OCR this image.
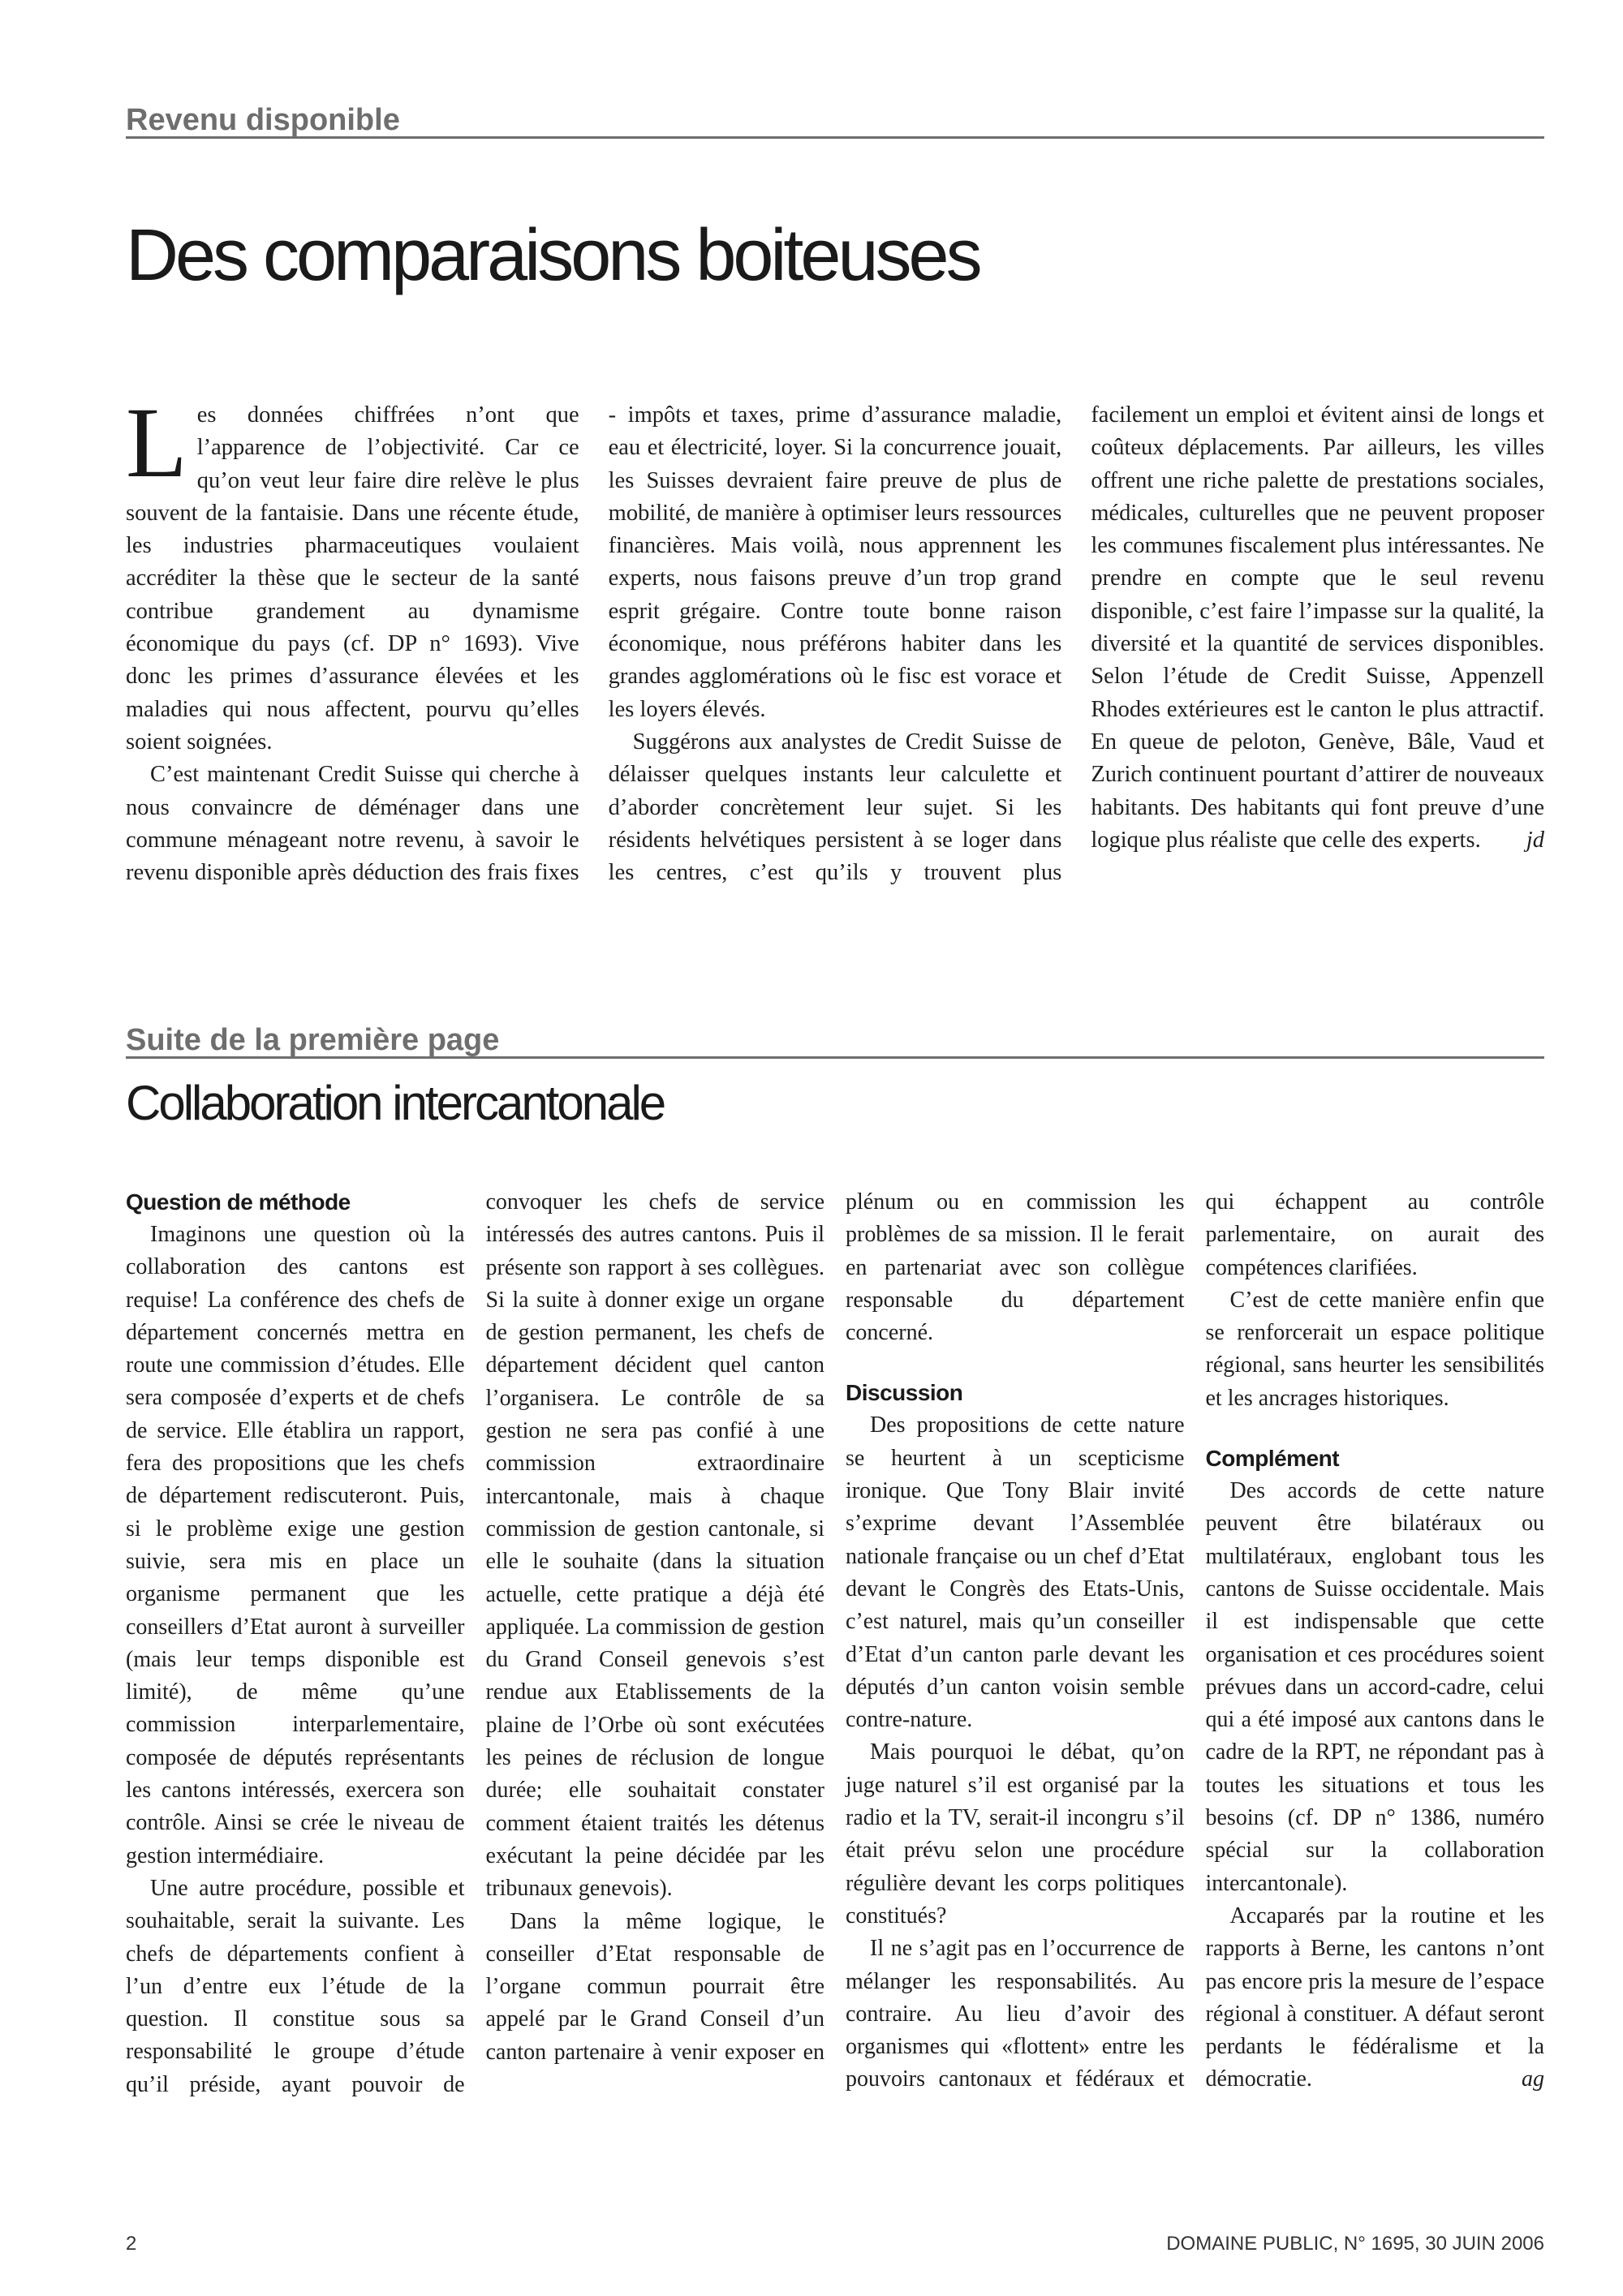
Revenu disponible
Des comparaisons boiteuses

Les données chiffrées n’ont que l’apparence de l’objectivité. Car ce qu’on veut leur faire dire relève le plus souvent de la fantaisie. Dans une récente étude, les industries pharmaceutiques voulaient accréditer la thèse que le secteur de la santé contribue grandement au dynamisme économique du pays (cf. DP n° 1693). Vive donc les primes d’assurance élevées et les maladies qui nous affectent, pourvu qu’elles soient soignées.

C’est maintenant Credit Suisse qui cherche à nous convaincre de déménager dans une commune ménageant notre revenu, à savoir le revenu disponible après déduction des frais fixes - impôts et taxes, prime d’assurance maladie, eau et électricité, loyer. Si la concurrence jouait, les Suisses devraient faire preuve de plus de mobilité, de manière à optimiser leurs ressources financières. Mais voilà, nous apprennent les experts, nous faisons preuve d’un trop grand esprit grégaire. Contre toute bonne raison économique, nous préférons habiter dans les grandes agglomérations où le fisc est vorace et les loyers élevés.

Suggérons aux analystes de Credit Suisse de délaisser quelques instants leur calculette et d’aborder concrètement leur sujet. Si les résidents helvétiques persistent à se loger dans les centres, c’est qu’ils y trouvent plus facilement un emploi et évitent ainsi de longs et coûteux déplacements. Par ailleurs, les villes offrent une riche palette de prestations sociales, médicales, culturelles que ne peuvent proposer les communes fiscalement plus intéressantes. Ne prendre en compte que le seul revenu disponible, c’est faire l’impasse sur la qualité, la diversité et la quantité de services disponibles. Selon l’étude de Credit Suisse, Appenzell Rhodes extérieures est le canton le plus attractif. En queue de peloton, Genève, Bâle, Vaud et Zurich continuent pourtant d’attirer de nouveaux habitants. Des habitants qui font preuve d’une logique plus réaliste que celle des experts.	jd

Suite de la première page
Collaboration intercantonale
Question de méthode

Imaginons une question où la collaboration des cantons est requise! La conférence des chefs de département concernés mettra en route une commission d’études. Elle sera composée d’experts et de chefs de service. Elle établira un rapport, fera des propositions que les chefs de département rediscuteront. Puis, si le problème exige une gestion suivie, sera mis en place un organisme permanent que les conseillers d’Etat auront à surveiller (mais leur temps disponible est limité), de même qu’une commission interparlementaire, composée de députés représentants les cantons intéressés, exercera son contrôle. Ainsi se crée le niveau de gestion intermédiaire.

Une autre procédure, possible et souhaitable, serait la suivante. Les chefs de départements confient à l’un d’entre eux l’étude de la question. Il constitue sous sa responsabilité le groupe d’étude qu’il préside, ayant pouvoir de convoquer les chefs de service intéressés des autres cantons. Puis il présente son rapport à ses collègues. Si la suite à donner exige un organe de gestion permanent, les chefs de département décident quel canton l’organisera. Le contrôle de sa gestion ne sera pas confié à une commission extraordinaire intercantonale, mais à chaque commission de gestion cantonale, si elle le souhaite (dans la situation actuelle, cette pratique a déjà été appliquée. La commission de gestion du Grand Conseil genevois s’est rendue aux Etablissements de la plaine de l’Orbe où sont exécutées les peines de réclusion de longue durée; elle souhaitait constater comment étaient traités les détenus exécutant la peine décidée par les tribunaux genevois).

Dans la même logique, le conseiller d’Etat responsable de l’organe commun pourrait être appelé par le Grand Conseil d’un canton partenaire à venir exposer en plénum ou en commission les problèmes de sa mission. Il le ferait en partenariat avec son collègue responsable du département concerné.

Discussion

Des propositions de cette nature se heurtent à un scepticisme ironique. Que Tony Blair invité s’exprime devant l’Assemblée nationale française ou un chef d’Etat devant le Congrès des Etats-Unis, c’est naturel, mais qu’un conseiller d’Etat d’un canton parle devant les députés d’un canton voisin semble contre-nature.

Mais pourquoi le débat, qu’on juge naturel s’il est organisé par la radio et la TV, serait-il incongru s’il était prévu selon une procédure régulière devant les corps politiques constitués?

Il ne s’agit pas en l’occurrence de mélanger les responsabilités. Au contraire. Au lieu d’avoir des organismes qui «flottent» entre les pouvoirs cantonaux et fédéraux et qui échappent au contrôle parlementaire, on aurait des compétences clarifiées.

C’est de cette manière enfin que se renforcerait un espace politique régional, sans heurter les sensibilités et les ancrages historiques.

Complément

Des accords de cette nature peuvent être bilatéraux ou multilatéraux, englobant tous les cantons de Suisse occidentale. Mais il est indispensable que cette organisation et ces procédures soient prévues dans un accord-cadre, celui qui a été imposé aux cantons dans le cadre de la RPT, ne répondant pas à toutes les situations et tous les besoins (cf. DP n° 1386, numéro spécial sur la collaboration intercantonale).

Accaparés par la routine et les rapports à Berne, les cantons n’ont pas encore pris la mesure de l’espace régional à constituer. A défaut seront perdants le fédéralisme et la démocratie.	ag

2	DOMAINE PUBLIC, N° 1695, 30 JUIN 2006
